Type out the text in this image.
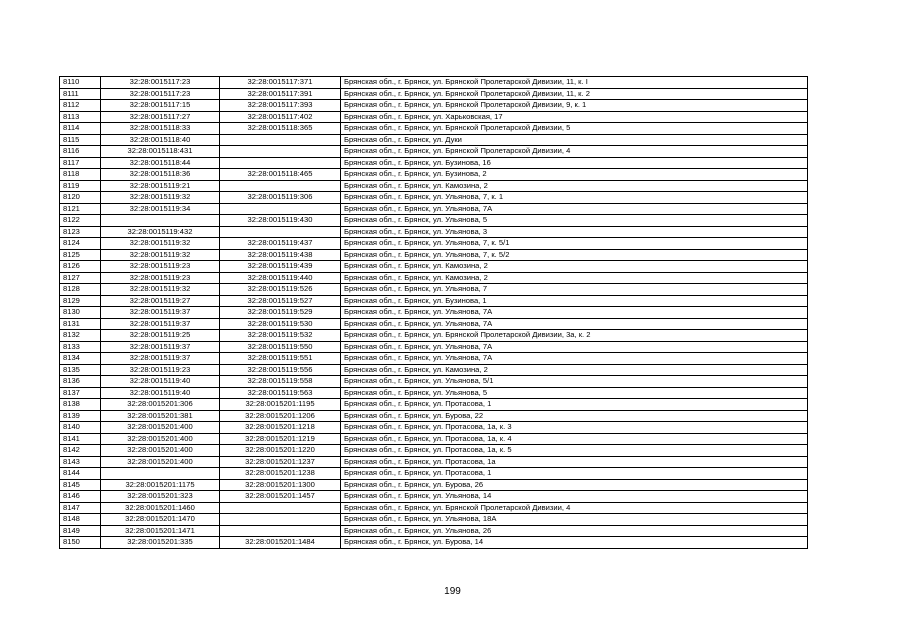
8110	32:28:0015117:23	32:28:0015117:371	Брянская обл., г. Брянск, ул. Брянской Пролетарской Дивизии, 11, к. I
8111	32:28:0015117:23	32:28:0015117:391	Брянская обл., г. Брянск, ул. Брянской Пролетарской Дивизии, 11, к. 2
8112	32:28:0015117:15	32:28:0015117:393	Брянская обл., г. Брянск, ул. Брянской Пролетарской Дивизии, 9, к. 1
8113	32:28:0015117:27	32:28:0015117:402	Брянская обл., г. Брянск, ул. Харьковская, 17
8114	32:28:0015118:33	32:28:0015118:365	Брянская обл., г. Брянск, ул. Брянской Пролетарской Дивизии, 5
8115	32:28:0015118:40		Брянская обл., г. Брянск, ул. Дуки
8116	32:28:0015118:431		Брянская обл., г. Брянск, ул. Брянской Пролетарской Дивизии, 4
8117	32:28:0015118:44		Брянская обл., г. Брянск, ул. Бузинова, 16
8118	32:28:0015118:36	32:28:0015118:465	Брянская обл., г. Брянск, ул. Бузинова, 2
8119	32:28:0015119:21		Брянская обл., г. Брянск, ул. Камозина, 2
8120	32:28:0015119:32	32:28:0015119:306	Брянская обл., г. Брянск, ул. Ульянова, 7, к. 1
8121	32:28:0015119:34		Брянская обл., г. Брянск, ул. Ульянова, 7А
8122		32:28:0015119:430	Брянская обл., г. Брянск, ул. Ульянова, 5
8123	32:28:0015119:432		Брянская обл., г. Брянск, ул. Ульянова, 3
8124	32:28:0015119:32	32:28:0015119:437	Брянская обл., г. Брянск, ул. Ульянова, 7, к. 5/1
8125	32:28:0015119:32	32:28:0015119:438	Брянская обл., г. Брянск, ул. Ульянова, 7, к. 5/2
8126	32:28:0015119:23	32:28:0015119:439	Брянская обл., г. Брянск, ул. Камозина, 2
8127	32:28:0015119:23	32:28:0015119:440	Брянская обл., г. Брянск, ул. Камозина, 2
8128	32:28:0015119:32	32:28:0015119:526	Брянская обл., г. Брянск, ул. Ульянова, 7
8129	32:28:0015119:27	32:28:0015119:527	Брянская обл., г. Брянск, ул. Бузинова, 1
8130	32:28:0015119:37	32:28:0015119:529	Брянская обл., г. Брянск, ул. Ульянова, 7А
8131	32:28:0015119:37	32:28:0015119:530	Брянская обл., г. Брянск, ул. Ульянова, 7А
8132	32:28:0015119:25	32:28:0015119:532	Брянская обл., г. Брянск, ул. Брянской Пролетарской Дивизии, 3а, к. 2
8133	32:28:0015119:37	32:28:0015119:550	Брянская обл., г. Брянск, ул. Ульянова, 7А
8134	32:28:0015119:37	32:28:0015119:551	Брянская обл., г. Брянск, ул. Ульянова, 7А
8135	32:28:0015119:23	32:28:0015119:556	Брянская обл., г. Брянск, ул. Камозина, 2
8136	32:28:0015119:40	32:28:0015119:558	Брянская обл., г. Брянск, ул. Ульянова, 5/1
8137	32:28:0015119:40	32:28:0015119:563	Брянская обл., г. Брянск, ул. Ульянова, 5
8138	32:28:0015201:306	32:28:0015201:1195	Брянская обл., г. Брянск, ул. Протасова, 1
8139	32:28:0015201:381	32:28:0015201:1206	Брянская обл., г. Брянск, ул. Бурова, 22
8140	32:28:0015201:400	32:28:0015201:1218	Брянская обл., г. Брянск, ул. Протасова, 1а, к. 3
8141	32:28:0015201:400	32:28:0015201:1219	Брянская обл., г. Брянск, ул. Протасова, 1а, к. 4
8142	32:28:0015201:400	32:28:0015201:1220	Брянская обл., г. Брянск, ул. Протасова, 1а, к. 5
8143	32:28:0015201:400	32:28:0015201:1237	Брянская обл., г. Брянск, ул. Протасова, 1а
8144		32:28:0015201:1238	Брянская обл., г. Брянск, ул. Протасова, 1
8145	32:28:0015201:1175	32:28:0015201:1300	Брянская обл., г. Брянск, ул. Бурова, 26
8146	32:28:0015201:323	32:28:0015201:1457	Брянская обл., г. Брянск, ул. Ульянова, 14
8147	32:28:0015201:1460		Брянская обл., г. Брянск, ул. Брянской Пролетарской Дивизии, 4
8148	32:28:0015201:1470		Брянская обл., г. Брянск, ул. Ульянова, 18А
8149	32:28:0015201:1471		Брянская обл., г. Брянск, ул. Ульянова, 26
8150	32:28:0015201:335	32:28:0015201:1484	Брянская обл., г. Брянск, ул. Бурова, 14
199
